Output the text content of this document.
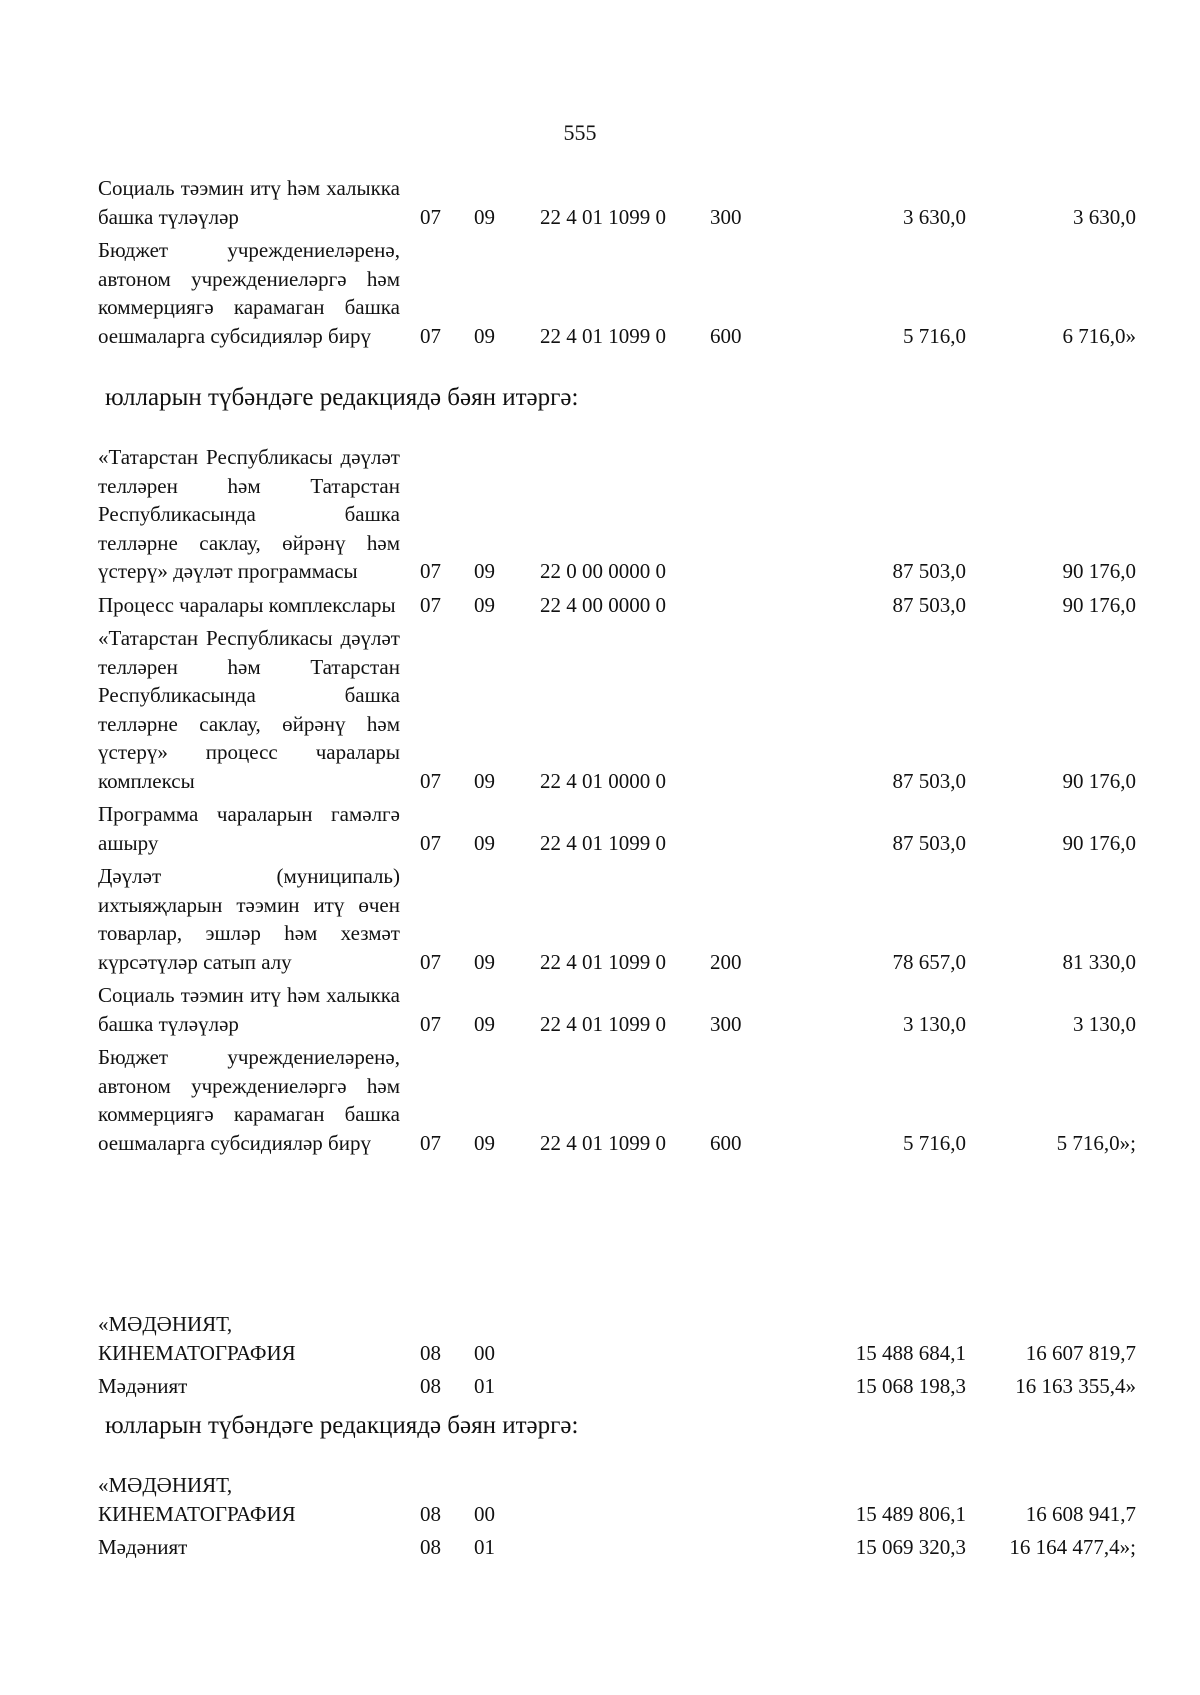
555
Социаль тәэмин итү һәм халыкка башка түләүләр	07	09	22 4 01 1099 0	300	3 630,0	3 630,0
Бюджет учреждениеләренә, автоном учреждениеләргә һәм коммерциягә карамаган башка оешмаларга субсидияләр бирү	07	09	22 4 01 1099 0	600	5 716,0	6 716,0»
юлларын түбәндәге редакциядә бәян итәргә:
«Татарстан Республикасы дәүләт телләрен һәм Татарстан Республикасында башка телләрне саклау, өйрәнү һәм үстерү» дәүләт программасы	07	09	22 0 00 0000 0		87 503,0	90 176,0
Процесс чаралары комплекслары	07	09	22 4 00 0000 0		87 503,0	90 176,0
«Татарстан Республикасы дәүләт телләрен һәм Татарстан Республикасында башка телләрне саклау, өйрәнү һәм үстерү» процесс чаралары комплексы	07	09	22 4 01 0000 0		87 503,0	90 176,0
Программа чараларын гамәлгә ашыру	07	09	22 4 01 1099 0		87 503,0	90 176,0
Дәүләт (муниципаль) ихтыяҗларын тәэмин итү өчен товарлар, эшләр һәм хезмәт күрсәтүләр сатып алу	07	09	22 4 01 1099 0	200	78 657,0	81 330,0
Социаль тәэмин итү һәм халыкка башка түләүләр	07	09	22 4 01 1099 0	300	3 130,0	3 130,0
Бюджет учреждениеләренә, автоном учреждениеләргә һәм коммерциягә карамаган башка оешмаларга субсидияләр бирү	07	09	22 4 01 1099 0	600	5 716,0	5 716,0»;
«МӘДӘНИЯТ, КИНЕМАТОГРАФИЯ	08	00			15 488 684,1	16 607 819,7
Мәдәният	08	01			15 068 198,3	16 163 355,4»
юлларын түбәндәге редакциядә бәян итәргә:
«МӘДӘНИЯТ, КИНЕМАТОГРАФИЯ	08	00			15 489 806,1	16 608 941,7
Мәдәният	08	01			15 069 320,3	16 164 477,4»;
